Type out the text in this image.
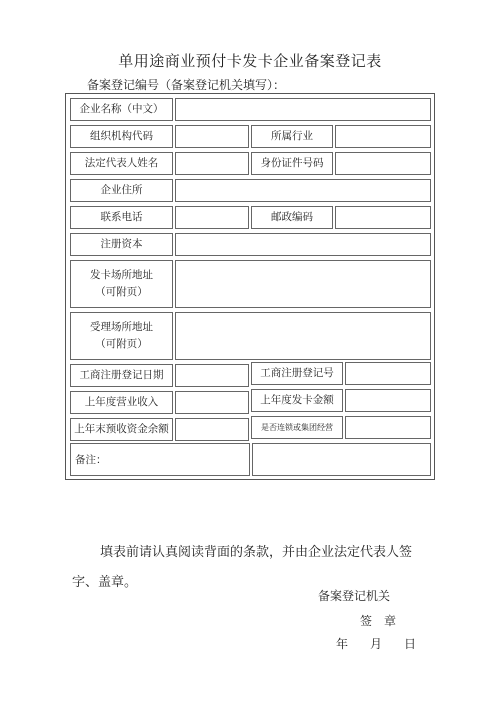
单用途商业预付卡发卡企业备案登记表
备案登记编号（备案登记机关填写）：
企业名称（中文）
组织机构代码	所属行业
法定代表人姓名	身份证件号码
企业住所
联系电话	邮政编码
注册资本
发卡场所地址
（可附页）
受理场所地址
（可附页）
工商注册登记日期	工商注册登记号
上年度营业收入	上年度发卡金额
上年末预收资金余额	是否连锁或集团经营
备注：
填表前请认真阅读背面的条款，并由企业法定代表人签字、盖章。
备案登记机关
签　章
年 月 日
